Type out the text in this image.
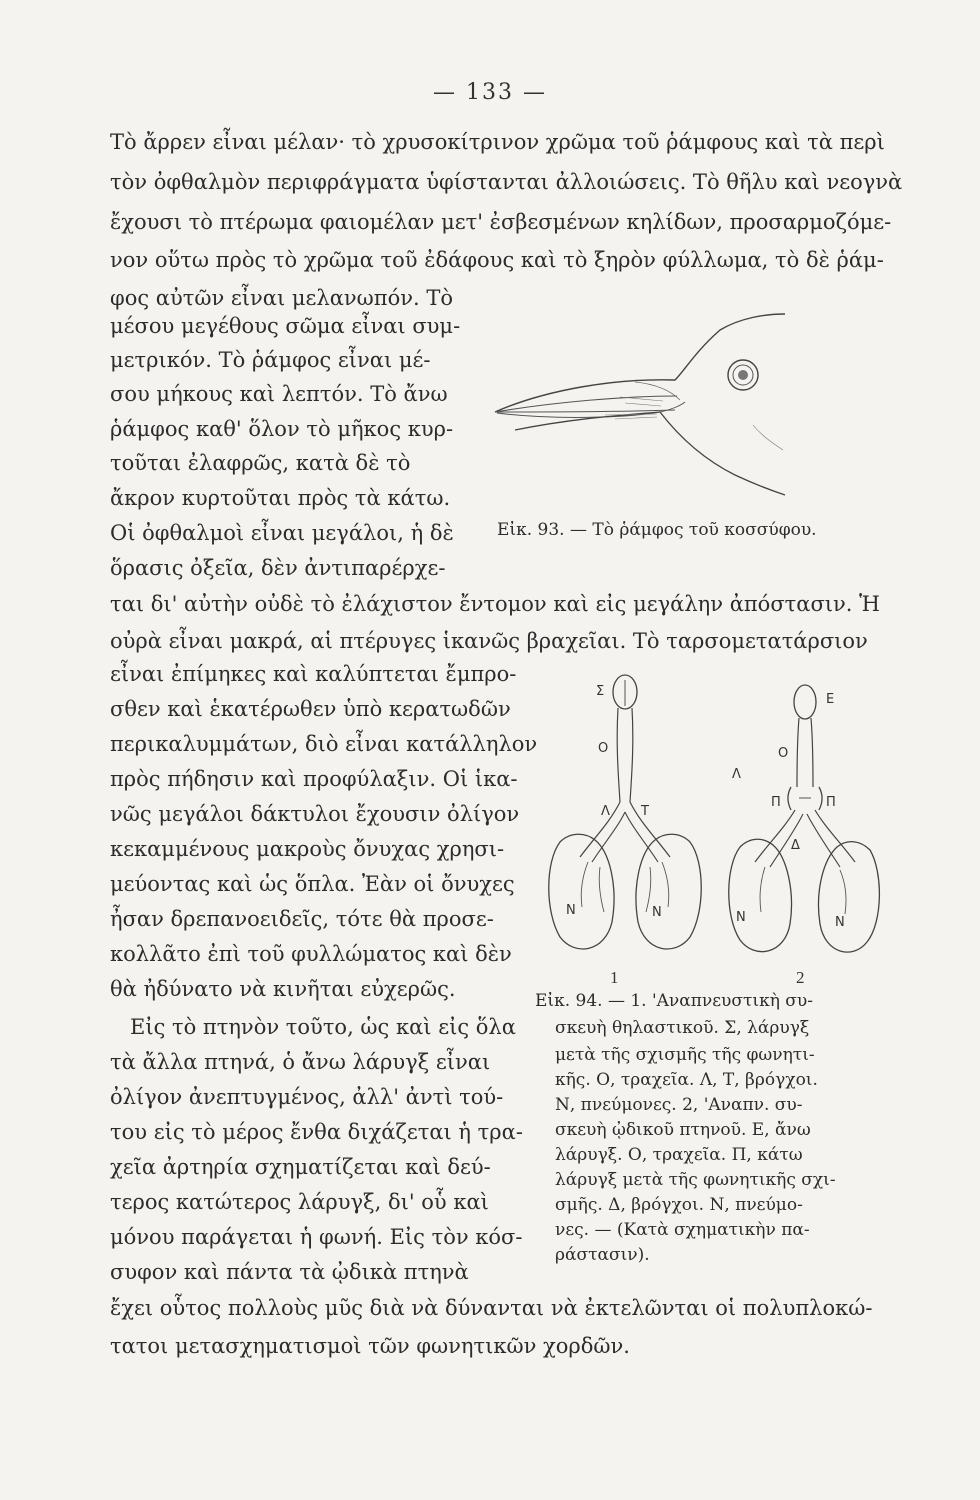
— 133 —
Τὸ ἄρρεν εἶναι μέλαν· τὸ χρυσοκίτρινον χρῶμα τοῦ ῥάμφους καὶ τὰ περὶ
τὸν ὀφθαλμὸν περιφράγματα ὑφίστανται ἀλλοιώσεις. Τὸ θῆλυ καὶ νεογνὰ
ἔχουσι τὸ πτέρωμα φαιομέλαν μετ' ἐσβεσμένων κηλίδων, προσαρμοζόμε-
νον οὕτω πρὸς τὸ χρῶμα τοῦ ἐδάφους καὶ τὸ ξηρὸν φύλλωμα, τὸ δὲ ῥάμ-
φος αὐτῶν εἶναι μελανωπόν. Τὸ
μέσου μεγέθους σῶμα εἶναι συμ-
μετρικόν. Τὸ ῥάμφος εἶναι μέ-
σου μήκους καὶ λεπτόν. Τὸ ἄνω
ῥάμφος καθ' ὅλον τὸ μῆκος κυρ-
τοῦται ἐλαφρῶς, κατὰ δὲ τὸ
ἄκρον κυρτοῦται πρὸς τὰ κάτω.
Οἱ ὀφθαλμοὶ εἶναι μεγάλοι, ἡ δὲ
ὅρασις ὀξεῖα, δὲν ἀντιπαρέρχε-
Εἰκ. 93. — Τὸ ῥάμφος τοῦ κοσσύφου.
ται δι' αὐτὴν οὐδὲ τὸ ἐλάχιστον ἔντομον καὶ εἰς μεγάλην ἀπόστασιν. Ἡ
οὐρὰ εἶναι μακρά, αἱ πτέρυγες ἱκανῶς βραχεῖαι. Τὸ ταρσομετατάρσιον
εἶναι ἐπίμηκες καὶ καλύπτεται ἔμπρο-
σθεν καὶ ἑκατέρωθεν ὑπὸ κερατωδῶν
περικαλυμμάτων, διὸ εἶναι κατάλληλον
πρὸς πήδησιν καὶ προφύλαξιν. Οἱ ἱκα-
νῶς μεγάλοι δάκτυλοι ἔχουσιν ὀλίγον
κεκαμμένους μακροὺς ὄνυχας χρησι-
μεύοντας καὶ ὡς ὅπλα. Ἐὰν οἱ ὄνυχες
ἦσαν δρεπανοειδεῖς, τότε θὰ προσε-
κολλᾶτο ἐπὶ τοῦ φυλλώματος καὶ δὲν
θὰ ἠδύνατο νὰ κινῆται εὐχερῶς.
Εἰς τὸ πτηνὸν τοῦτο, ὡς καὶ εἰς ὅλα
τὰ ἄλλα πτηνά, ὁ ἄνω λάρυγξ εἶναι
ὀλίγον ἀνεπτυγμένος, ἀλλ' ἀντὶ τού-
του εἰς τὸ μέρος ἔνθα διχάζεται ἡ τρα-
χεῖα ἀρτηρία σχηματίζεται καὶ δεύ-
τερος κατώτερος λάρυγξ, δι' οὗ καὶ
μόνου παράγεται ἡ φωνή. Εἰς τὸν κόσ-
συφον καὶ πάντα τὰ ᾠδικὰ πτηνὰ
ἔχει οὗτος πολλοὺς μῦς διὰ νὰ δύνανται νὰ ἐκτελῶνται οἱ πολυπλοκώ-
τατοι μετασχηματισμοὶ τῶν φωνητικῶν χορδῶν.
Σ
Ο
Λ Τ
N	N
E
O
Λ
Π	Π
Δ
N	N
1	2
Εἰκ. 94. — 1. 'Αναπνευστικὴ συ-
σκευὴ θηλαστικοῦ. Σ, λάρυγξ
μετὰ τῆς σχισμῆς τῆς φωνητι-
κῆς. Ο, τραχεῖα. Λ, Τ, βρόγχοι.
Ν, πνεύμονες. 2, 'Αναπν. συ-
σκευὴ ᾠδικοῦ πτηνοῦ. Ε, ἄνω
λάρυγξ. Ο, τραχεῖα. Π, κάτω
λάρυγξ μετὰ τῆς φωνητικῆς σχι-
σμῆς. Δ, βρόγχοι. Ν, πνεύμο-
νες. — (Κατὰ σχηματικὴν πα-
ράστασιν).
